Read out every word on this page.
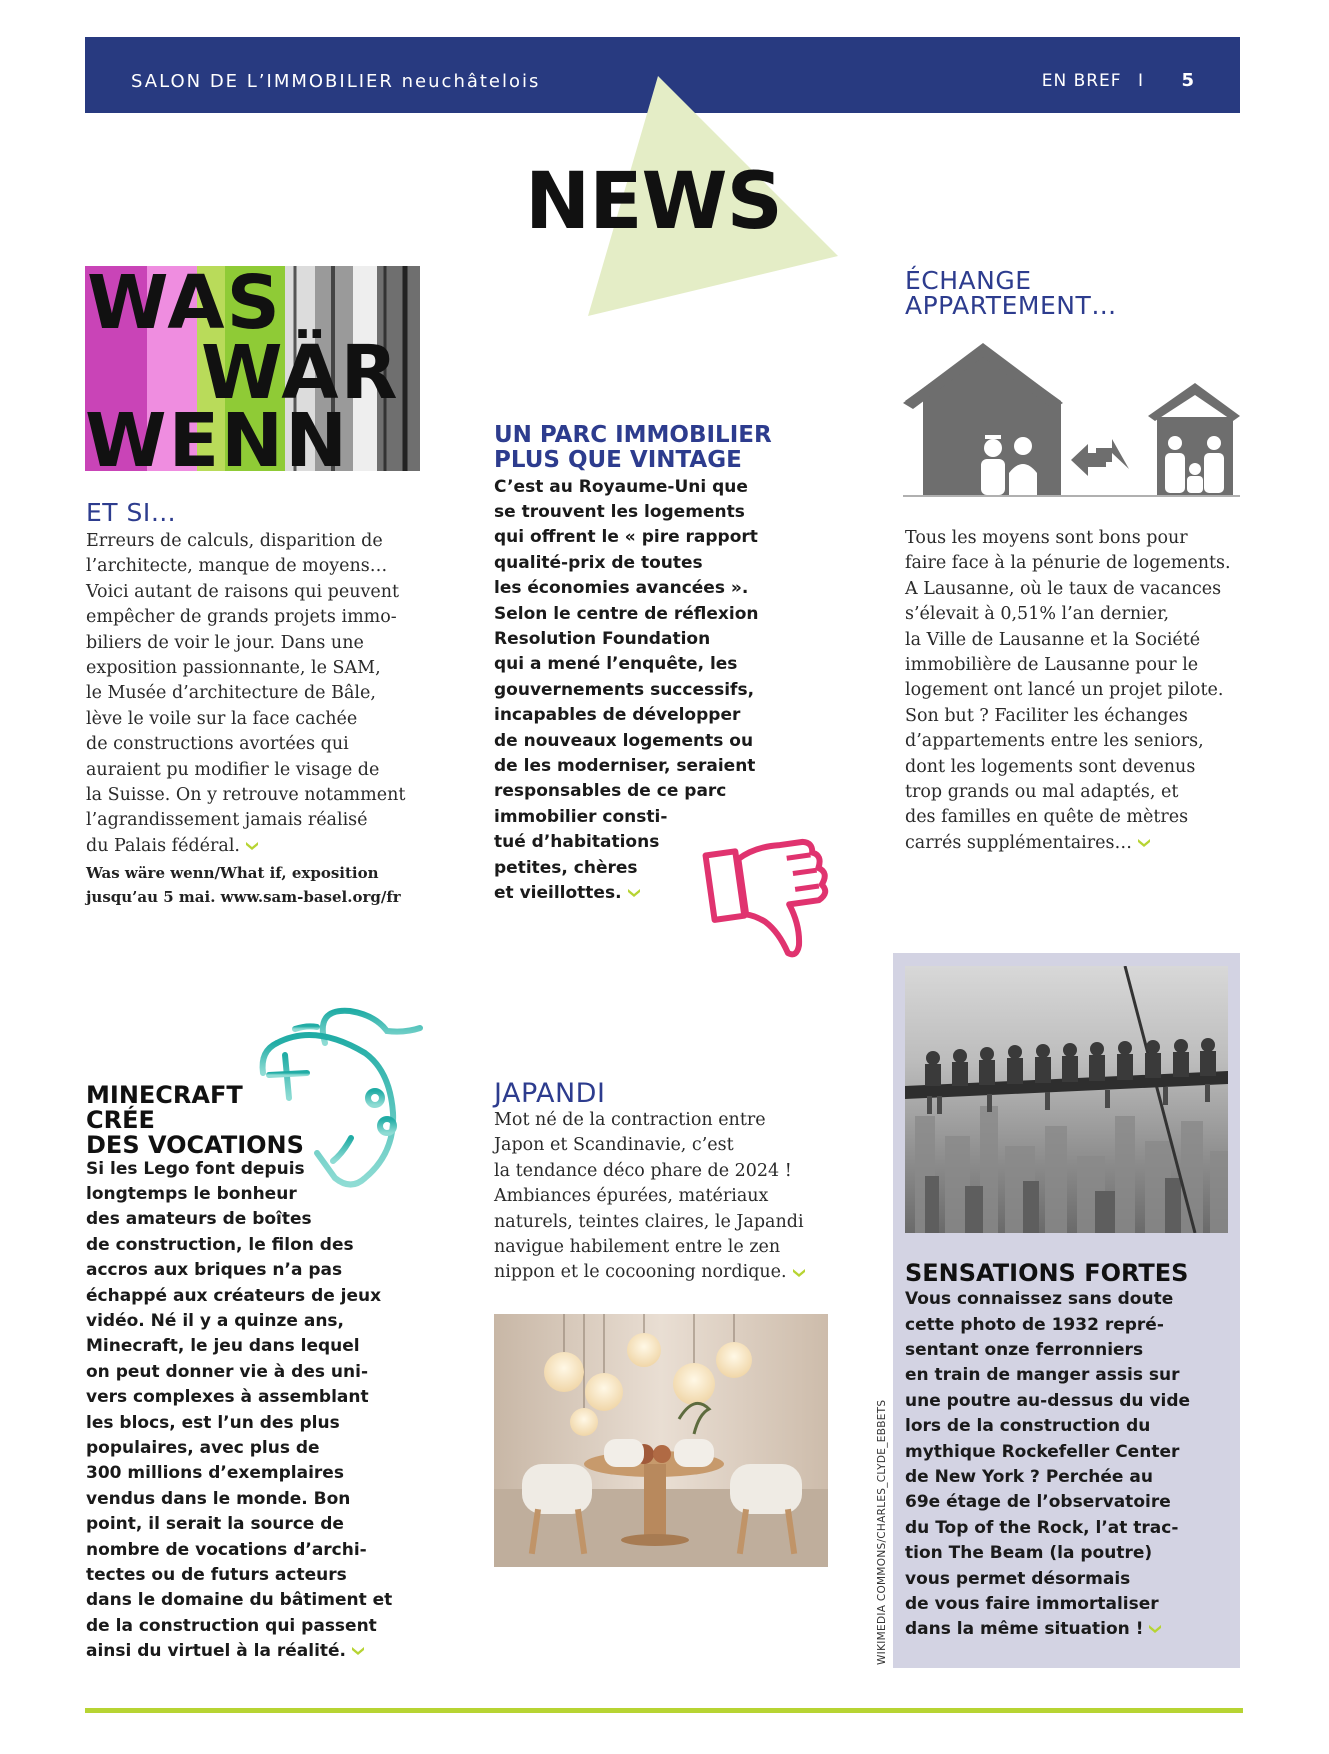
SALON DE L’IMMOBILIER neuchâtelois	EN BREF I	5
NEWS
WAS
WÄR
WENN
ET SI…
Erreurs de calculs, disparition de
l’architecte, manque de moyens…
Voici autant de raisons qui peuvent
empêcher de grands projets immo-
biliers de voir le jour. Dans une
exposition passionnante, le SAM,
le Musée d’architecture de Bâle,
lève le voile sur la face cachée
de constructions avortées qui
auraient pu modifier le visage de
la Suisse. On y retrouve notamment
l’agrandissement jamais réalisé
du Palais fédéral.
Was wäre wenn/What if, exposition
jusqu’au 5 mai. www.sam-basel.org/fr
UN PARC IMMOBILIER
PLUS QUE VINTAGE
C’est au Royaume-Uni que
se trouvent les logements
qui offrent le « pire rapport
qualité-prix de toutes
les économies avancées ».
Selon le centre de réflexion
Resolution Foundation
qui a mené l’enquête, les
gouvernements successifs,
incapables de développer
de nouveaux logements ou
de les moderniser, seraient
responsables de ce parc
immobilier consti-
tué d’habitations
petites, chères
et vieillottes.
ÉCHANGE
APPARTEMENT…
Tous les moyens sont bons pour
faire face à la pénurie de logements.
A Lausanne, où le taux de vacances
s’élevait à 0,51% l’an dernier,
la Ville de Lausanne et la Société
immobilière de Lausanne pour le
logement ont lancé un projet pilote.
Son but ? Faciliter les échanges
d’appartements entre les seniors,
dont les logements sont devenus
trop grands ou mal adaptés, et
des familles en quête de mètres
carrés supplémentaires…
MINECRAFT
CRÉE
DES VOCATIONS
Si les Lego font depuis
longtemps le bonheur
des amateurs de boîtes
de construction, le filon des
accros aux briques n’a pas
échappé aux créateurs de jeux
vidéo. Né il y a quinze ans,
Minecraft, le jeu dans lequel
on peut donner vie à des uni-
vers complexes à assemblant
les blocs, est l’un des plus
populaires, avec plus de
300 millions d’exemplaires
vendus dans le monde. Bon
point, il serait la source de
nombre de vocations d’archi-
tectes ou de futurs acteurs
dans le domaine du bâtiment et
de la construction qui passent
ainsi du virtuel à la réalité.
JAPANDI
Mot né de la contraction entre
Japon et Scandinavie, c’est
la tendance déco phare de 2024 !
Ambiances épurées, matériaux
naturels, teintes claires, le Japandi
navigue habilement entre le zen
nippon et le cocooning nordique.
WIKIMEDIA COMMONS/CHARLES_CLYDE_EBBETS
SENSATIONS FORTES
Vous connaissez sans doute
cette photo de 1932 repré-
sentant onze ferronniers
en train de manger assis sur
une poutre au-dessus du vide
lors de la construction du
mythique Rockefeller Center
de New York ? Perchée au
69e étage de l’observatoire
du Top of the Rock, l’at trac-
tion The Beam (la poutre)
vous permet désormais
de vous faire immortaliser
dans la même situation !
